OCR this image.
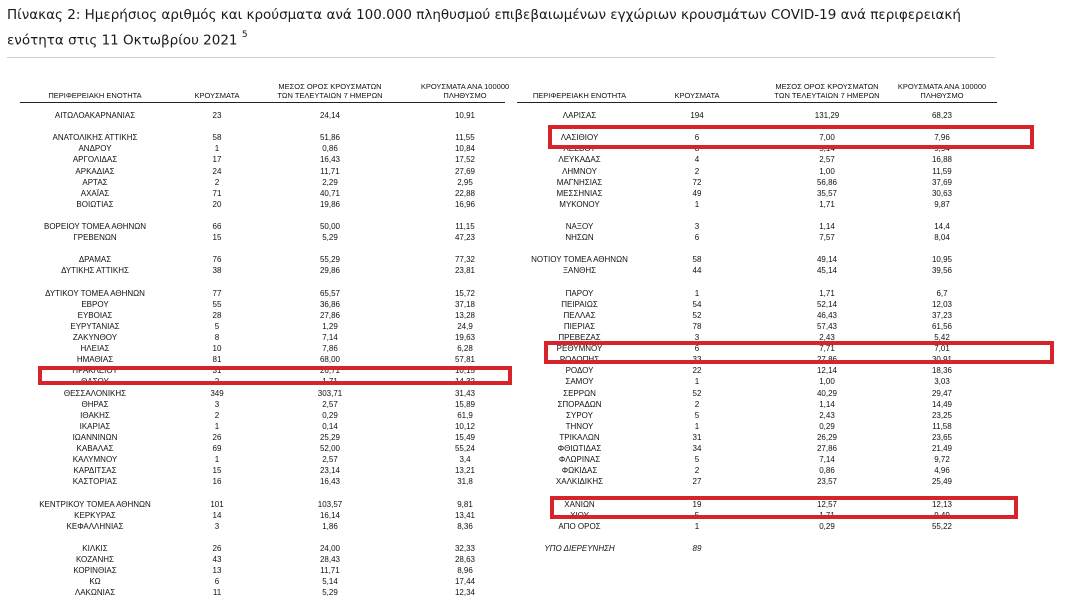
Πίνακας 2: Ημερήσιος αριθμός και κρούσματα ανά 100.000 πληθυσμού επιβεβαιωμένων εγχώριων κρουσμάτων COVID-19 ανά περιφερειακή
ενότητα στις 11 Οκτωβρίου 2021 $^5$
ΠΕΡΙΦΕΡΕΙΑΚΗ ΕΝΟΤΗΤΑ	ΚΡΟΥΣΜΑΤΑ
ΜΕΣΟΣ ΟΡΟΣ ΚΡΟΥΣΜΑΤΩΝ
ΤΩΝ ΤΕΛΕΥΤΑΙΩΝ 7 ΗΜΕΡΩΝ
ΚΡΟΥΣΜΑΤΑ ΑΝΑ 100000
ΠΛΗΘΥΣΜΟ
ΑΙΤΩΛΟΑΚΑΡΝΑΝΙΑΣ	23	24,14	10,91
ΑΝΑΤΟΛΙΚΗΣ ΑΤΤΙΚΗΣ	58	51,86	11,55
ΑΝΔΡΟΥ	1	0,86	10,84
ΑΡΓΟΛΙΔΑΣ	17	16,43	17,52
ΑΡΚΑΔΙΑΣ	24	11,71	27,69
ΑΡΤΑΣ	2	2,29	2,95
ΑΧΑΪΑΣ	71	40,71	22,88
ΒΟΙΩΤΙΑΣ	20	19,86	16,96
ΒΟΡΕΙΟΥ ΤΟΜΕΑ ΑΘΗΝΩΝ	66	50,00	11,15
ΓΡΕΒΕΝΩΝ	15	5,29	47,23
ΔΡΑΜΑΣ	76	55,29	77,32
ΔΥΤΙΚΗΣ ΑΤΤΙΚΗΣ	38	29,86	23,81
ΔΥΤΙΚΟΥ ΤΟΜΕΑ ΑΘΗΝΩΝ	77	65,57	15,72
ΕΒΡΟΥ	55	36,86	37,18
ΕΥΒΟΙΑΣ	28	27,86	13,28
ΕΥΡΥΤΑΝΙΑΣ	5	1,29	24,9
ΖΑΚΥΝΘΟΥ	8	7,14	19,63
ΗΛΕΙΑΣ	10	7,86	6,28
ΗΜΑΘΙΑΣ	81	68,00	57,81
ΗΡΑΚΛΕΙΟΥ	31	26,71	10,15
ΘΑΣΟΥ	2	1,71	14,32
ΘΕΣΣΑΛΟΝΙΚΗΣ	349	303,71	31,43
ΘΗΡΑΣ	3	2,57	15,89
ΙΘΑΚΗΣ	2	0,29	61,9
ΙΚΑΡΙΑΣ	1	0,14	10,12
ΙΩΑΝΝΙΝΩΝ	26	25,29	15,49
ΚΑΒΑΛΑΣ	69	52,00	55,24
ΚΑΛΥΜΝΟΥ	1	2,57	3,4
ΚΑΡΔΙΤΣΑΣ	15	23,14	13,21
ΚΑΣΤΟΡΙΑΣ	16	16,43	31,8
ΚΕΝΤΡΙΚΟΥ ΤΟΜΕΑ ΑΘΗΝΩΝ	101	103,57	9,81
ΚΕΡΚΥΡΑΣ	14	16,14	13,41
ΚΕΦΑΛΛΗΝΙΑΣ	3	1,86	8,36
ΚΙΛΚΙΣ	26	24,00	32,33
ΚΟΖΑΝΗΣ	43	28,43	28,63
ΚΟΡΙΝΘΙΑΣ	13	11,71	8,96
ΚΩ	6	5,14	17,44
ΛΑΚΩΝΙΑΣ	11	5,29	12,34
ΠΕΡΙΦΕΡΕΙΑΚΗ ΕΝΟΤΗΤΑ	ΚΡΟΥΣΜΑΤΑ
ΜΕΣΟΣ ΟΡΟΣ ΚΡΟΥΣΜΑΤΩΝ
ΤΩΝ ΤΕΛΕΥΤΑΙΩΝ 7 ΗΜΕΡΩΝ
ΚΡΟΥΣΜΑΤΑ ΑΝΑ 100000
ΠΛΗΘΥΣΜΟ
ΛΑΡΙΣΑΣ	194	131,29	68,23
ΛΑΣΙΘΙΟΥ	6	7,00	7,96
ΛΕΣΒΟΥ	8	5,14	9,94
ΛΕΥΚΑΔΑΣ	4	2,57	16,88
ΛΗΜΝΟΥ	2	1,00	11,59
ΜΑΓΝΗΣΙΑΣ	72	56,86	37,69
ΜΕΣΣΗΝΙΑΣ	49	35,57	30,63
ΜΥΚΟΝΟΥ	1	1,71	9,87
ΝΑΞΟΥ	3	1,14	14,4
ΝΗΣΩΝ	6	7,57	8,04
ΝΟΤΙΟΥ ΤΟΜΕΑ ΑΘΗΝΩΝ	58	49,14	10,95
ΞΑΝΘΗΣ	44	45,14	39,56
ΠΑΡΟΥ	1	1,71	6,7
ΠΕΙΡΑΙΩΣ	54	52,14	12,03
ΠΕΛΛΑΣ	52	46,43	37,23
ΠΙΕΡΙΑΣ	78	57,43	61,56
ΠΡΕΒΕΖΑΣ	3	2,43	5,42
ΡΕΘΥΜΝΟΥ	6	7,71	7,01
ΡΟΔΟΠΗΣ	33	27,86	30,91
ΡΟΔΟΥ	22	12,14	18,36
ΣΑΜΟΥ	1	1,00	3,03
ΣΕΡΡΩΝ	52	40,29	29,47
ΣΠΟΡΑΔΩΝ	2	1,14	14,49
ΣΥΡΟΥ	5	2,43	23,25
ΤΗΝΟΥ	1	0,29	11,58
ΤΡΙΚΑΛΩΝ	31	26,29	23,65
ΦΘΙΩΤΙΔΑΣ	34	27,86	21,49
ΦΛΩΡΙΝΑΣ	5	7,14	9,72
ΦΩΚΙΔΑΣ	2	0,86	4,96
ΧΑΛΚΙΔΙΚΗΣ	27	23,57	25,49
ΧΑΝΙΩΝ	19	12,57	12,13
ΧΙΟΥ	5	1,71	9,49
ΑΠΟ ΟΡΟΣ	1	0,29	55,22
ΥΠΟ ΔΙΕΡΕΥΝΗΣΗ	89
